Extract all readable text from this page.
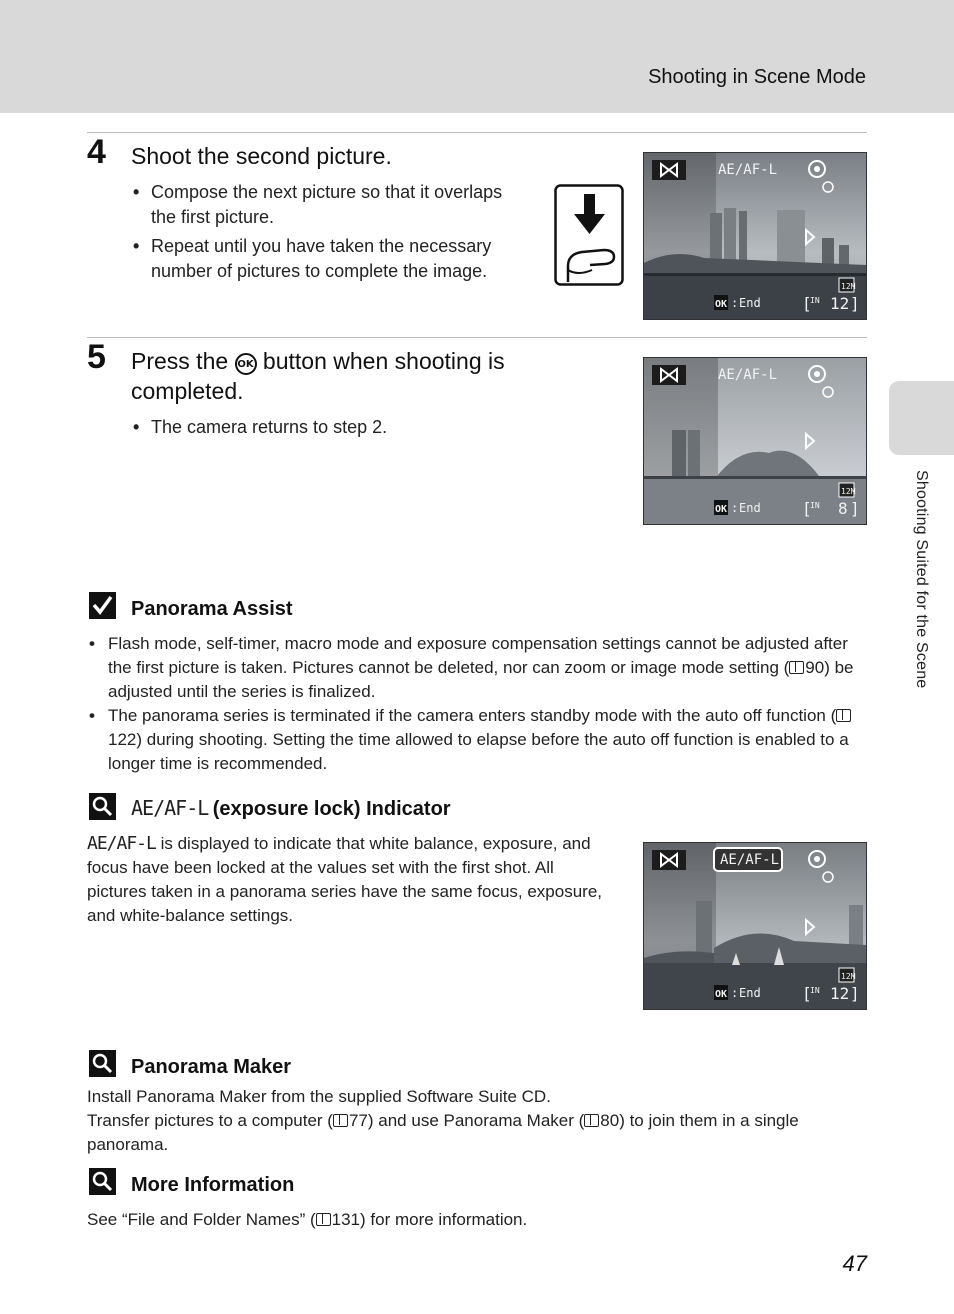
Shooting in Scene Mode
Shooting Suited for the Scene
4 Shoot the second picture.
• Compose the next picture so that it overlaps the first picture.
• Repeat until you have taken the necessary number of pictures to complete the image.
AE/AF-L
12M
OK : End	[
IN 12 ]
5 Press the OK button when shooting is completed.
• The camera returns to step 2.
AE/AF-L
12M
OK : End	[
IN 8 ]
Panorama Assist
• Flash mode, self-timer, macro mode and exposure compensation settings cannot be adjusted after the first picture is taken. Pictures cannot be deleted, nor can zoom or image mode setting ( 90) be adjusted until the series is finalized.
• The panorama series is terminated if the camera enters standby mode with the auto off function (122) during shooting. Setting the time allowed to elapse before the auto off function is enabled to a longer time is recommended.
AE/AF-L (exposure lock) Indicator
AE/AF-L is displayed to indicate that white balance, exposure, and focus have been locked at the values set with the first shot. All pictures taken in a panorama series have the same focus, exposure, and white-balance settings.
AE/AF-L
12M
OK : End	[
IN 12 ]
Panorama Maker
Install Panorama Maker from the supplied Software Suite CD.
Transfer pictures to a computer ( 77) and use Panorama Maker ( 80) to join them in a single panorama.
More Information
See “File and Folder Names” ( 131) for more information.
47
